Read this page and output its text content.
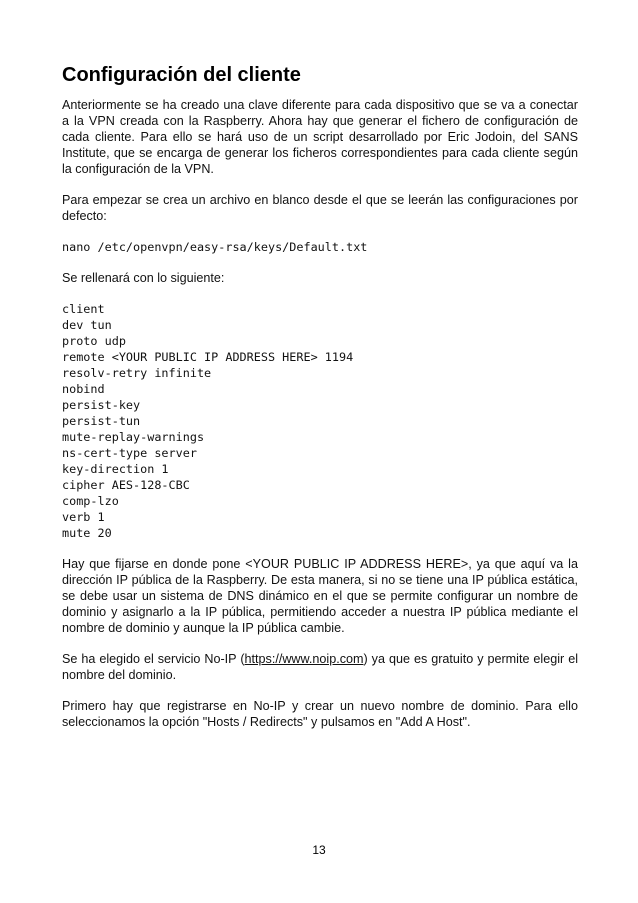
Configuración del cliente

Anteriormente se ha creado una clave diferente para cada dispositivo que se va a conectar a la VPN creada con la Raspberry. Ahora hay que generar el fichero de configuración de cada cliente. Para ello se hará uso de un script desarrollado por Eric Jodoin, del SANS Institute, que se encarga de generar los ficheros correspondientes para cada cliente según la configuración de la VPN.

Para empezar se crea un archivo en blanco desde el que se leerán las configuraciones por defecto:

nano /etc/openvpn/easy-rsa/keys/Default.txt

Se rellenará con lo siguiente:

client
dev tun
proto udp
remote <YOUR PUBLIC IP ADDRESS HERE> 1194
resolv-retry infinite
nobind
persist-key
persist-tun
mute-replay-warnings
ns-cert-type server
key-direction 1
cipher AES-128-CBC
comp-lzo
verb 1
mute 20

Hay que fijarse en donde pone <YOUR PUBLIC IP ADDRESS HERE>, ya que aquí va la dirección IP pública de la Raspberry. De esta manera, si no se tiene una IP pública estática, se debe usar un sistema de DNS dinámico en el que se permite configurar un nombre de dominio y asignarlo a la IP pública, permitiendo acceder a nuestra IP pública mediante el nombre de dominio y aunque la IP pública cambie.

Se ha elegido el servicio No-IP (https://www.noip.com) ya que es gratuito y permite elegir el nombre del dominio.

Primero hay que registrarse en No-IP y crear un nuevo nombre de dominio. Para ello seleccionamos la opción "Hosts / Redirects" y pulsamos en "Add A Host".

13
